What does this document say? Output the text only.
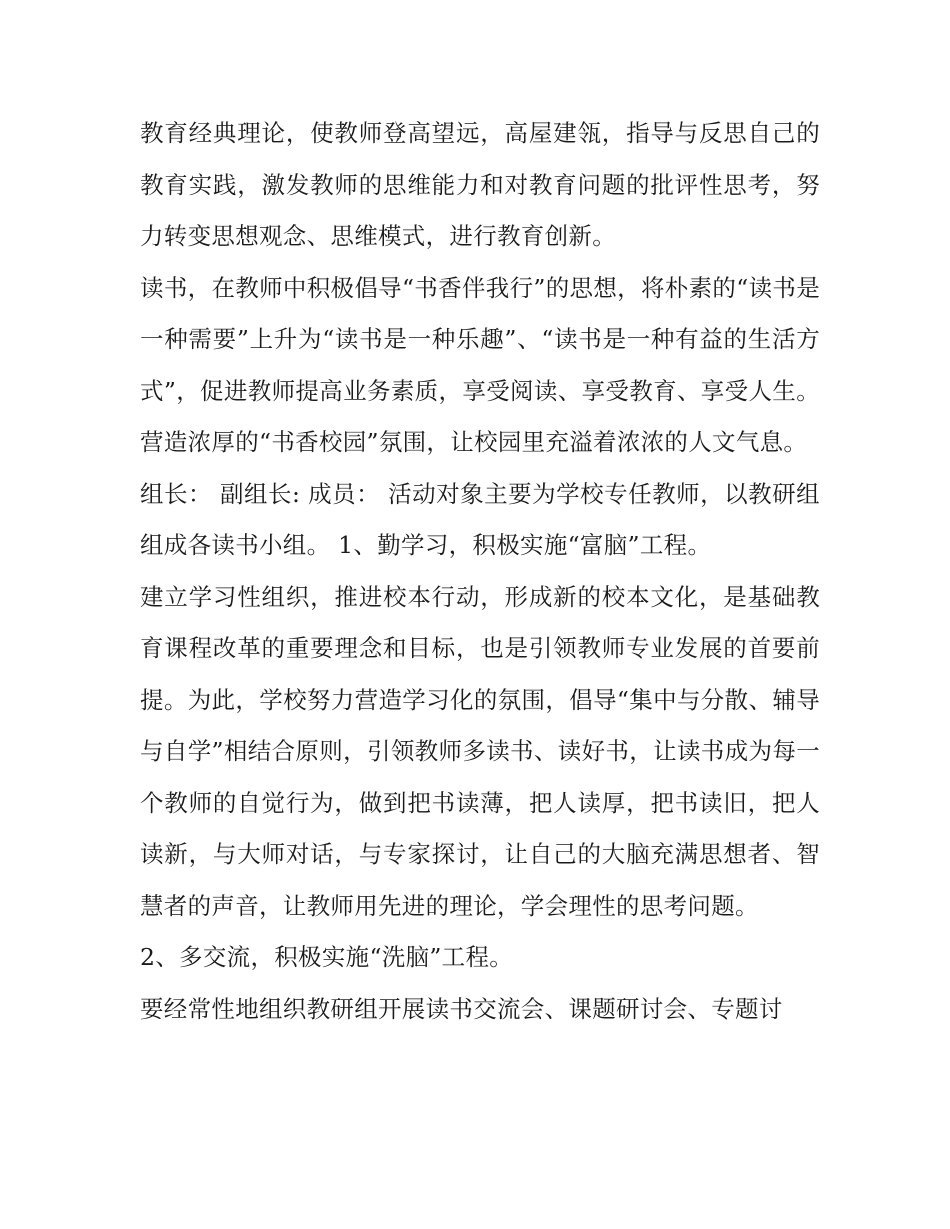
教育经典理论，使教师登高望远，高屋建瓴，指导与反思自己的教育实践，激发教师的思维能力和对教育问题的批评性思考，努力转变思想观念、思维模式，进行教育创新。

读书，在教师中积极倡导“书香伴我行”的思想，将朴素的“读书是一种需要”上升为“读书是一种乐趣”、“读书是一种有益的生活方式”，促进教师提高业务素质，享受阅读、享受教育、享受人生。营造浓厚的“书香校园”氛围，让校园里充溢着浓浓的人文气息。

组长： 副组长: 成员： 活动对象主要为学校专任教师，以教研组组成各读书小组。 1、勤学习，积极实施“富脑”工程。

建立学习性组织，推进校本行动，形成新的校本文化，是基础教育课程改革的重要理念和目标，也是引领教师专业发展的首要前提。为此，学校努力营造学习化的氛围，倡导“集中与分散、辅导与自学”相结合原则，引领教师多读书、读好书，让读书成为每一个教师的自觉行为，做到把书读薄，把人读厚，把书读旧，把人读新，与大师对话，与专家探讨，让自己的大脑充满思想者、智慧者的声音，让教师用先进的理论，学会理性的思考问题。

2、多交流，积极实施“洗脑”工程。

要经常性地组织教研组开展读书交流会、课题研讨会、专题讨
